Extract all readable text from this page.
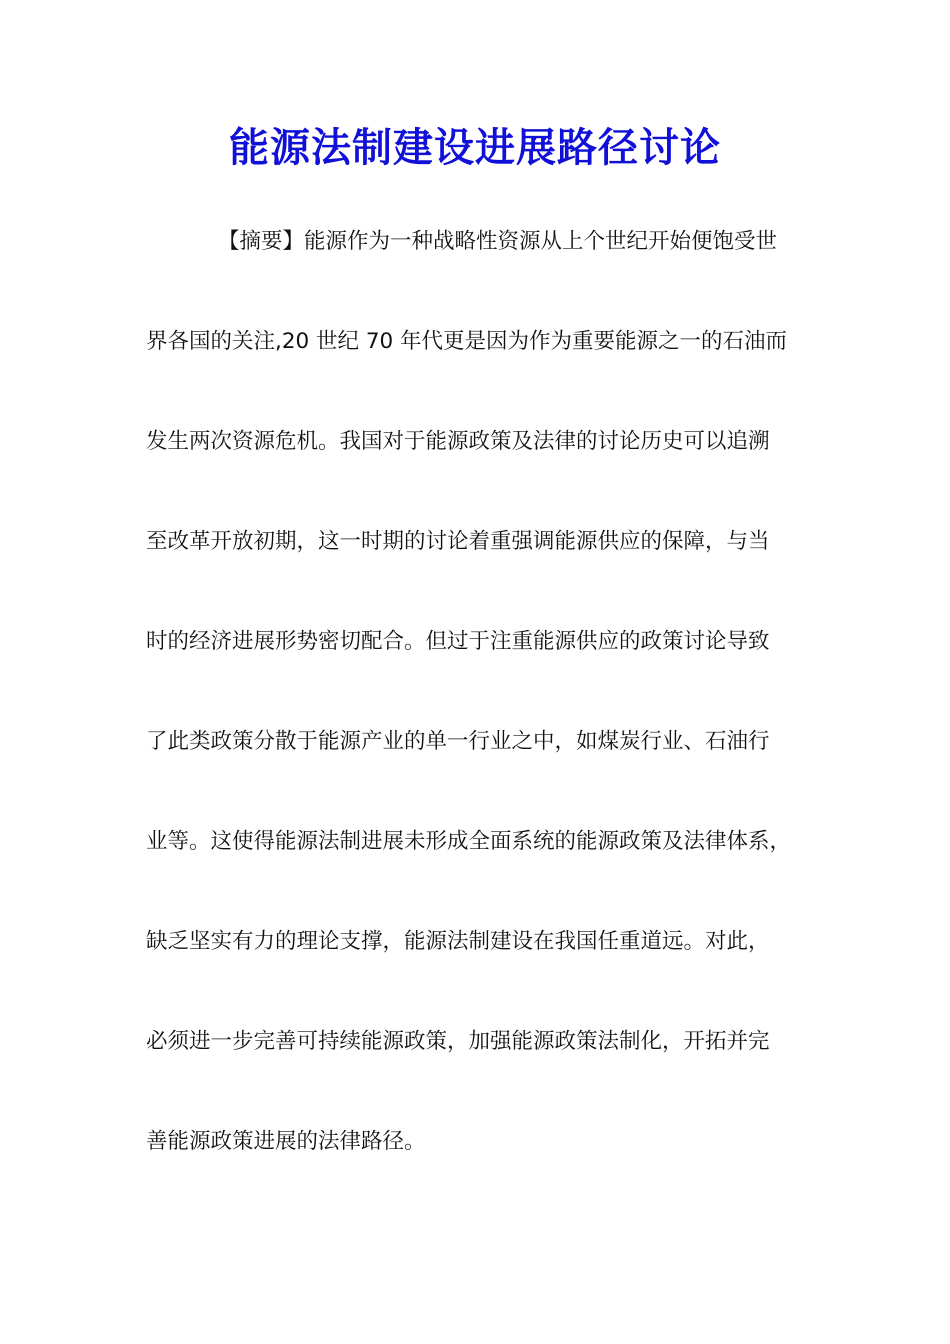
能源法制建设进展路径讨论
【摘要】能源作为一种战略性资源从上个世纪开始便饱受世
界各国的关注,20 世纪 70 年代更是因为作为重要能源之一的石油而
发生两次资源危机。我国对于能源政策及法律的讨论历史可以追溯
至改革开放初期，这一时期的讨论着重强调能源供应的保障，与当
时的经济进展形势密切配合。但过于注重能源供应的政策讨论导致
了此类政策分散于能源产业的单一行业之中，如煤炭行业、石油行
业等。这使得能源法制进展未形成全面系统的能源政策及法律体系，
缺乏坚实有力的理论支撑，能源法制建设在我国任重道远。对此，
必须进一步完善可持续能源政策，加强能源政策法制化，开拓并完
善能源政策进展的法律路径。
